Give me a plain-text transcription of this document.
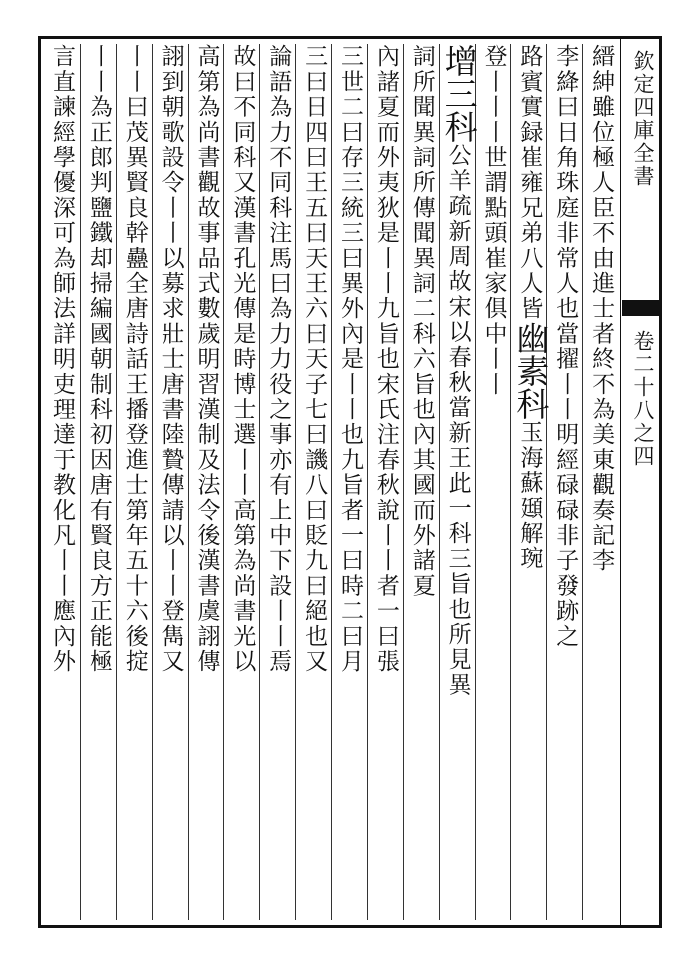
欽定四庫全書
卷二十八之四
縉紳雖位極人臣不由進士者終不為美東觀奏記李
李絳曰日角珠庭非常人也當擢丨丨明經碌碌非子發跡之
路賓實録崔雍兄弟八人皆
幽素科
玉海蘇頲解琬
登丨丨丨世謂點頭崔家
俱中丨丨
增三科
公羊疏新周故宋以春秋當新王此一科三旨也所見異
詞所聞異詞所傳聞異詞二科六旨也內其國而外諸夏
內諸夏而外夷狄是丨丨九旨也宋氏注春秋說丨丨者一曰張
三世二曰存三統三曰異外內是丨丨也九旨者一曰時二曰月
三曰日四曰王五曰天王六曰天子七曰譏八曰貶九曰絕也又
論語為力不同科注馬曰為力力役之事亦有上中下設丨丨焉
故曰不同科又漢書孔光傳是時博士選丨丨高第為尚書光以
高第為尚書觀故事品式數歲明習漢制及法令後漢書虞詡傳
詡到朝歌設令丨丨以募求壯士唐書陸贄傳請以丨丨登雋又
丨丨曰茂異賢良幹蠱全唐詩話王播登進士第年五十六後掟
丨丨為正郎判鹽鐵却掃編國朝制科初因唐有賢良方正能極
言直諫經學優深可為師法詳明吏理達于教化凡丨丨應內外
